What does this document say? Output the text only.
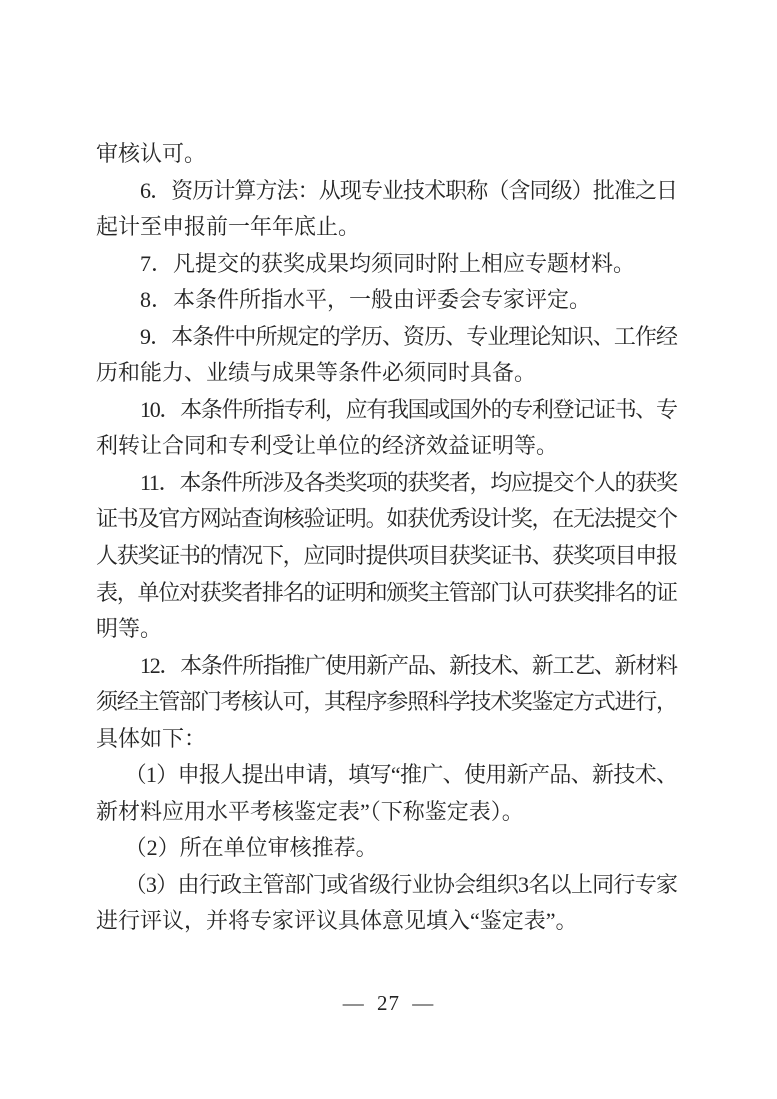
审核认可。
6．资历计算方法：从现专业技术职称（含同级）批准之日
起计至申报前一年年底止。
7．凡提交的获奖成果均须同时附上相应专题材料。
8．本条件所指水平，一般由评委会专家评定。
9．本条件中所规定的学历、资历、专业理论知识、工作经
历和能力、业绩与成果等条件必须同时具备。
10．本条件所指专利，应有我国或国外的专利登记证书、专
利转让合同和专利受让单位的经济效益证明等。
11．本条件所涉及各类奖项的获奖者，均应提交个人的获奖
证书及官方网站查询核验证明。如获优秀设计奖，在无法提交个
人获奖证书的情况下，应同时提供项目获奖证书、获奖项目申报
表，单位对获奖者排名的证明和颁奖主管部门认可获奖排名的证
明等。
12．本条件所指推广使用新产品、新技术、新工艺、新材料
须经主管部门考核认可，其程序参照科学技术奖鉴定方式进行，
具体如下：
（1）申报人提出申请，填写“推广、使用新产品、新技术、
新材料应用水平考核鉴定表”（下称鉴定表）。
（2）所在单位审核推荐。
（3）由行政主管部门或省级行业协会组织3名以上同行专家
进行评议，并将专家评议具体意见填入“鉴定表”。
— 27 —
